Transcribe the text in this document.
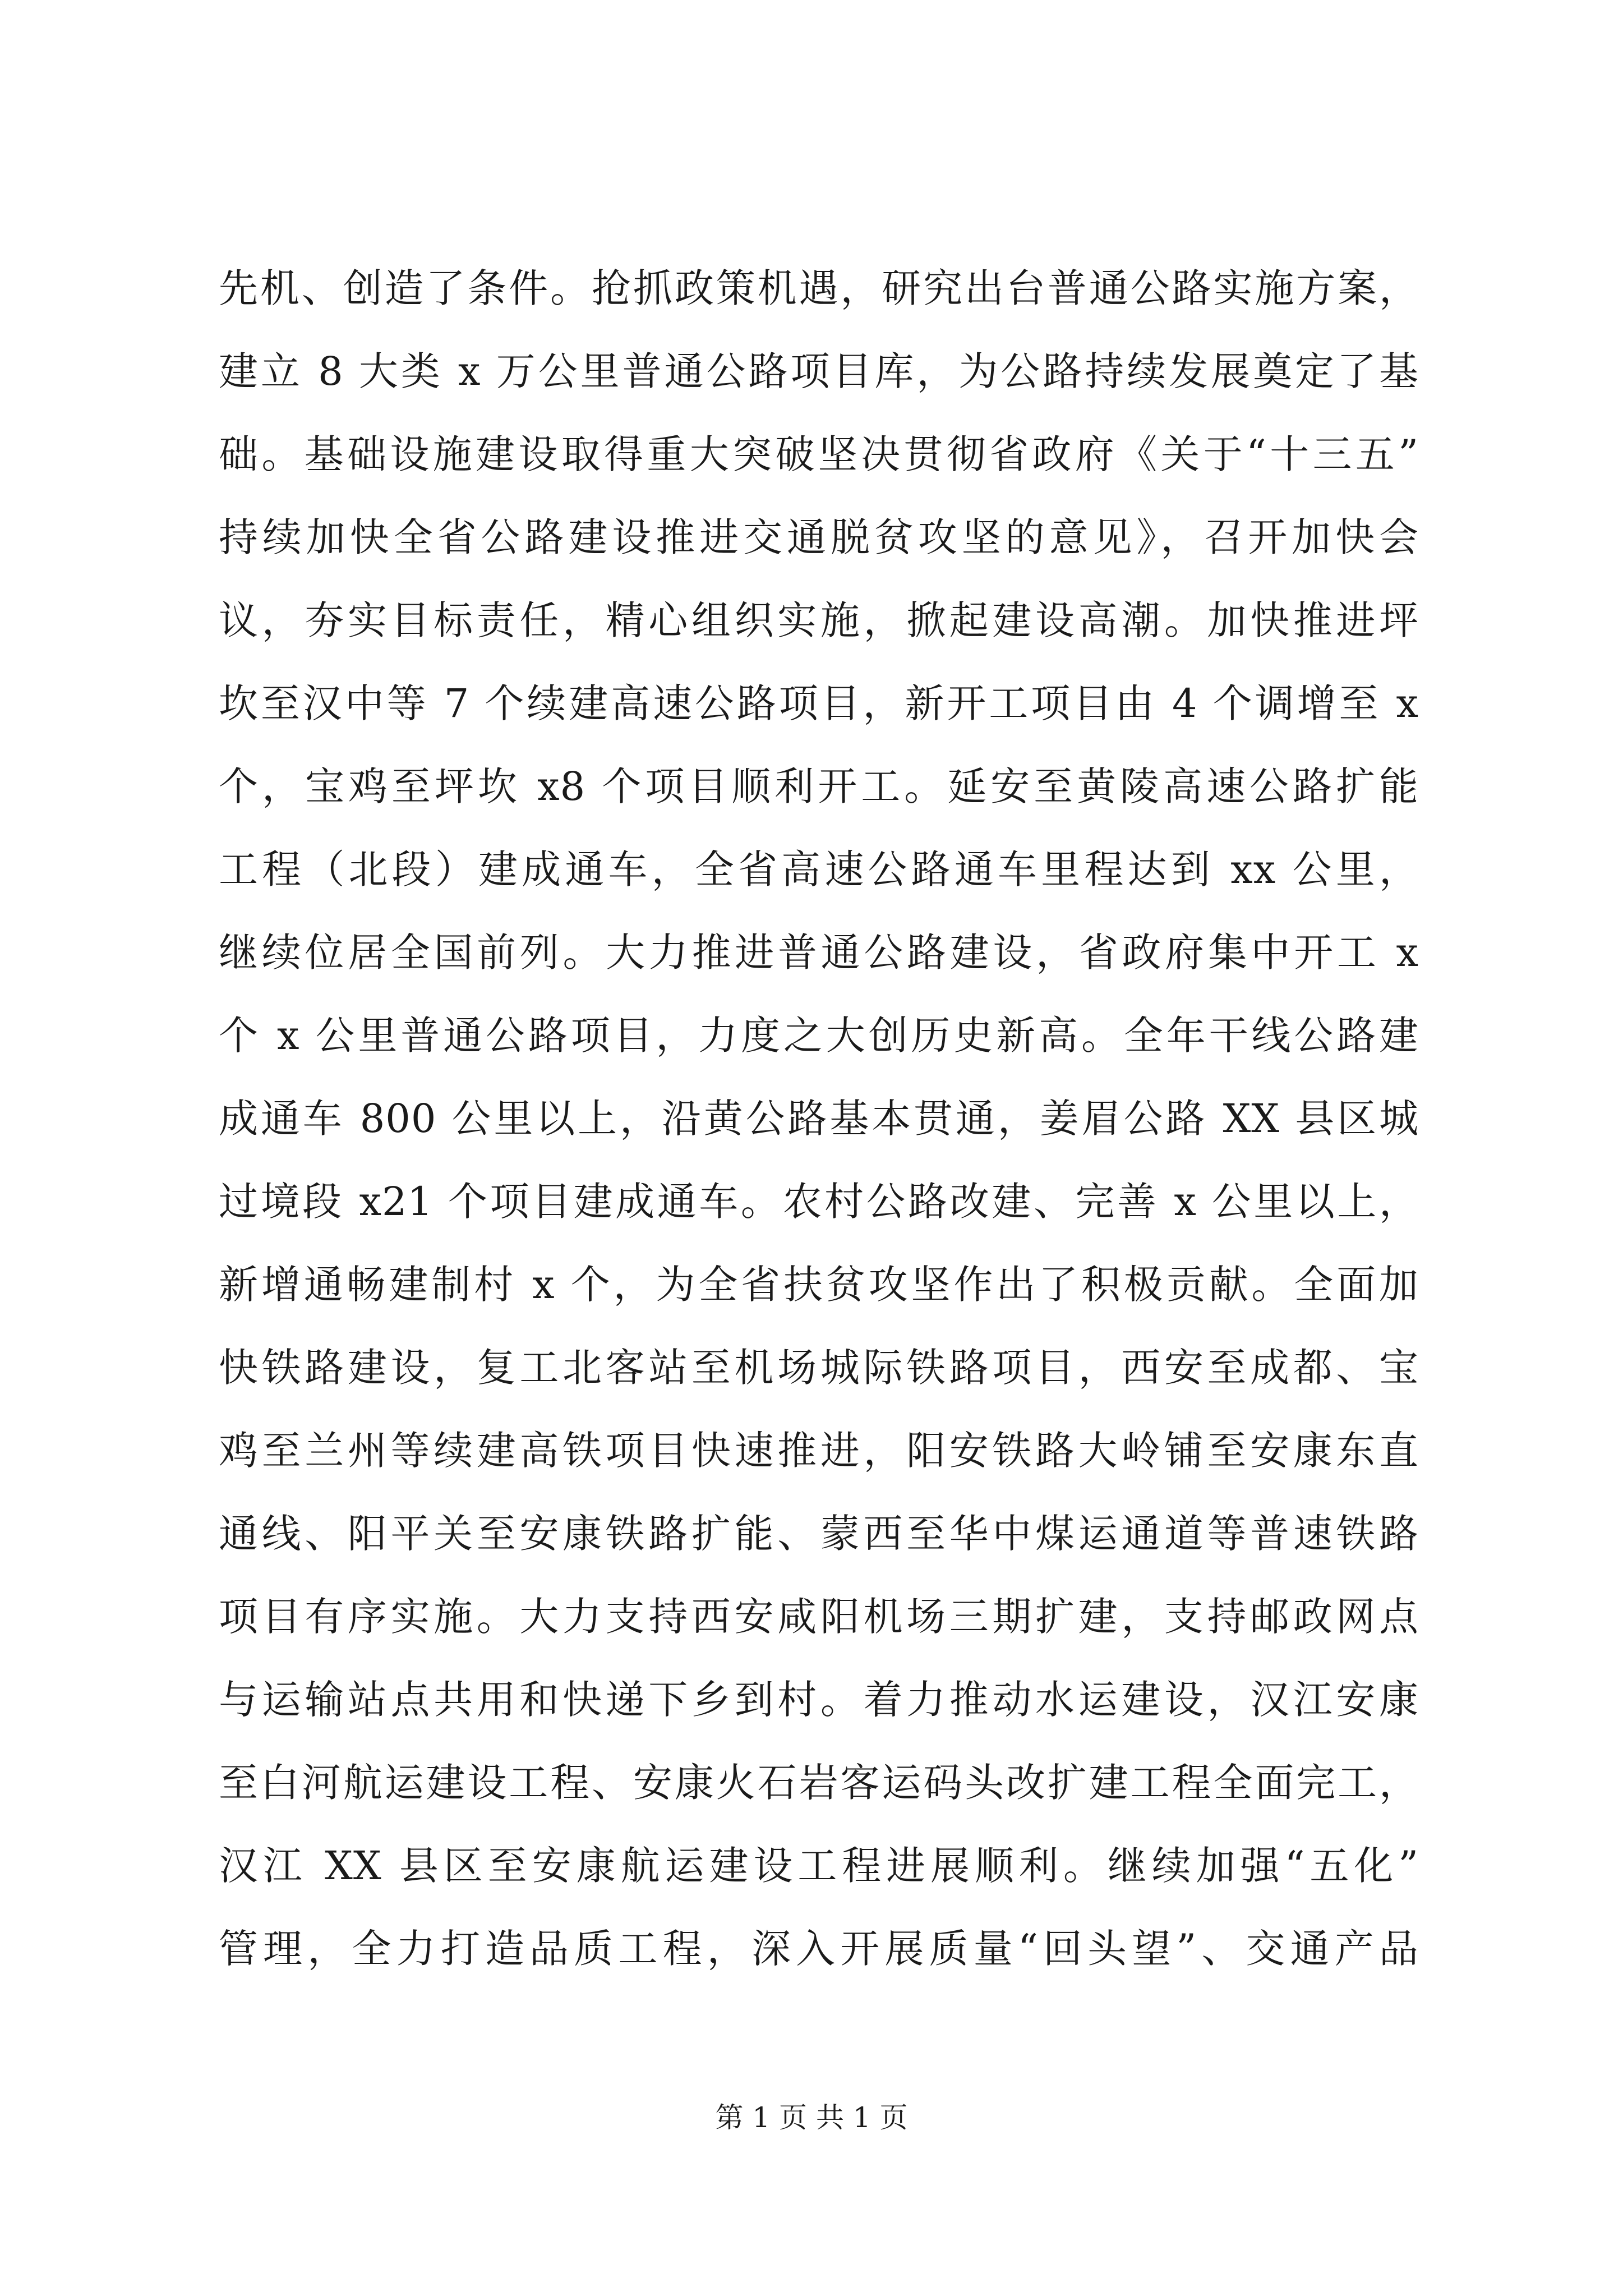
先机、创造了条件。抢抓政策机遇，研究出台普通公路实施方案，
建立 8 大类 x 万公里普通公路项目库，为公路持续发展奠定了基
础。基础设施建设取得重大突破坚决贯彻省政府《关于“十三五”
持续加快全省公路建设推进交通脱贫攻坚的意见》，召开加快会
议，夯实目标责任，精心组织实施，掀起建设高潮。加快推进坪
坎至汉中等 7 个续建高速公路项目，新开工项目由 4 个调增至 x
个，宝鸡至坪坎 x8 个项目顺利开工。延安至黄陵高速公路扩能
工程（北段）建成通车，全省高速公路通车里程达到 xx 公里，
继续位居全国前列。大力推进普通公路建设，省政府集中开工 x
个 x 公里普通公路项目，力度之大创历史新高。全年干线公路建
成通车 800 公里以上，沿黄公路基本贯通，姜眉公路 XX 县区城
过境段 x21 个项目建成通车。农村公路改建、完善 x 公里以上，
新增通畅建制村 x 个，为全省扶贫攻坚作出了积极贡献。全面加
快铁路建设，复工北客站至机场城际铁路项目，西安至成都、宝
鸡至兰州等续建高铁项目快速推进，阳安铁路大岭铺至安康东直
通线、阳平关至安康铁路扩能、蒙西至华中煤运通道等普速铁路
项目有序实施。大力支持西安咸阳机场三期扩建，支持邮政网点
与运输站点共用和快递下乡到村。着力推动水运建设，汉江安康
至白河航运建设工程、安康火石岩客运码头改扩建工程全面完工，
汉江 XX 县区至安康航运建设工程进展顺利。继续加强“五化”
管理，全力打造品质工程，深入开展质量“回头望”、交通产品
第 1 页 共 1 页
